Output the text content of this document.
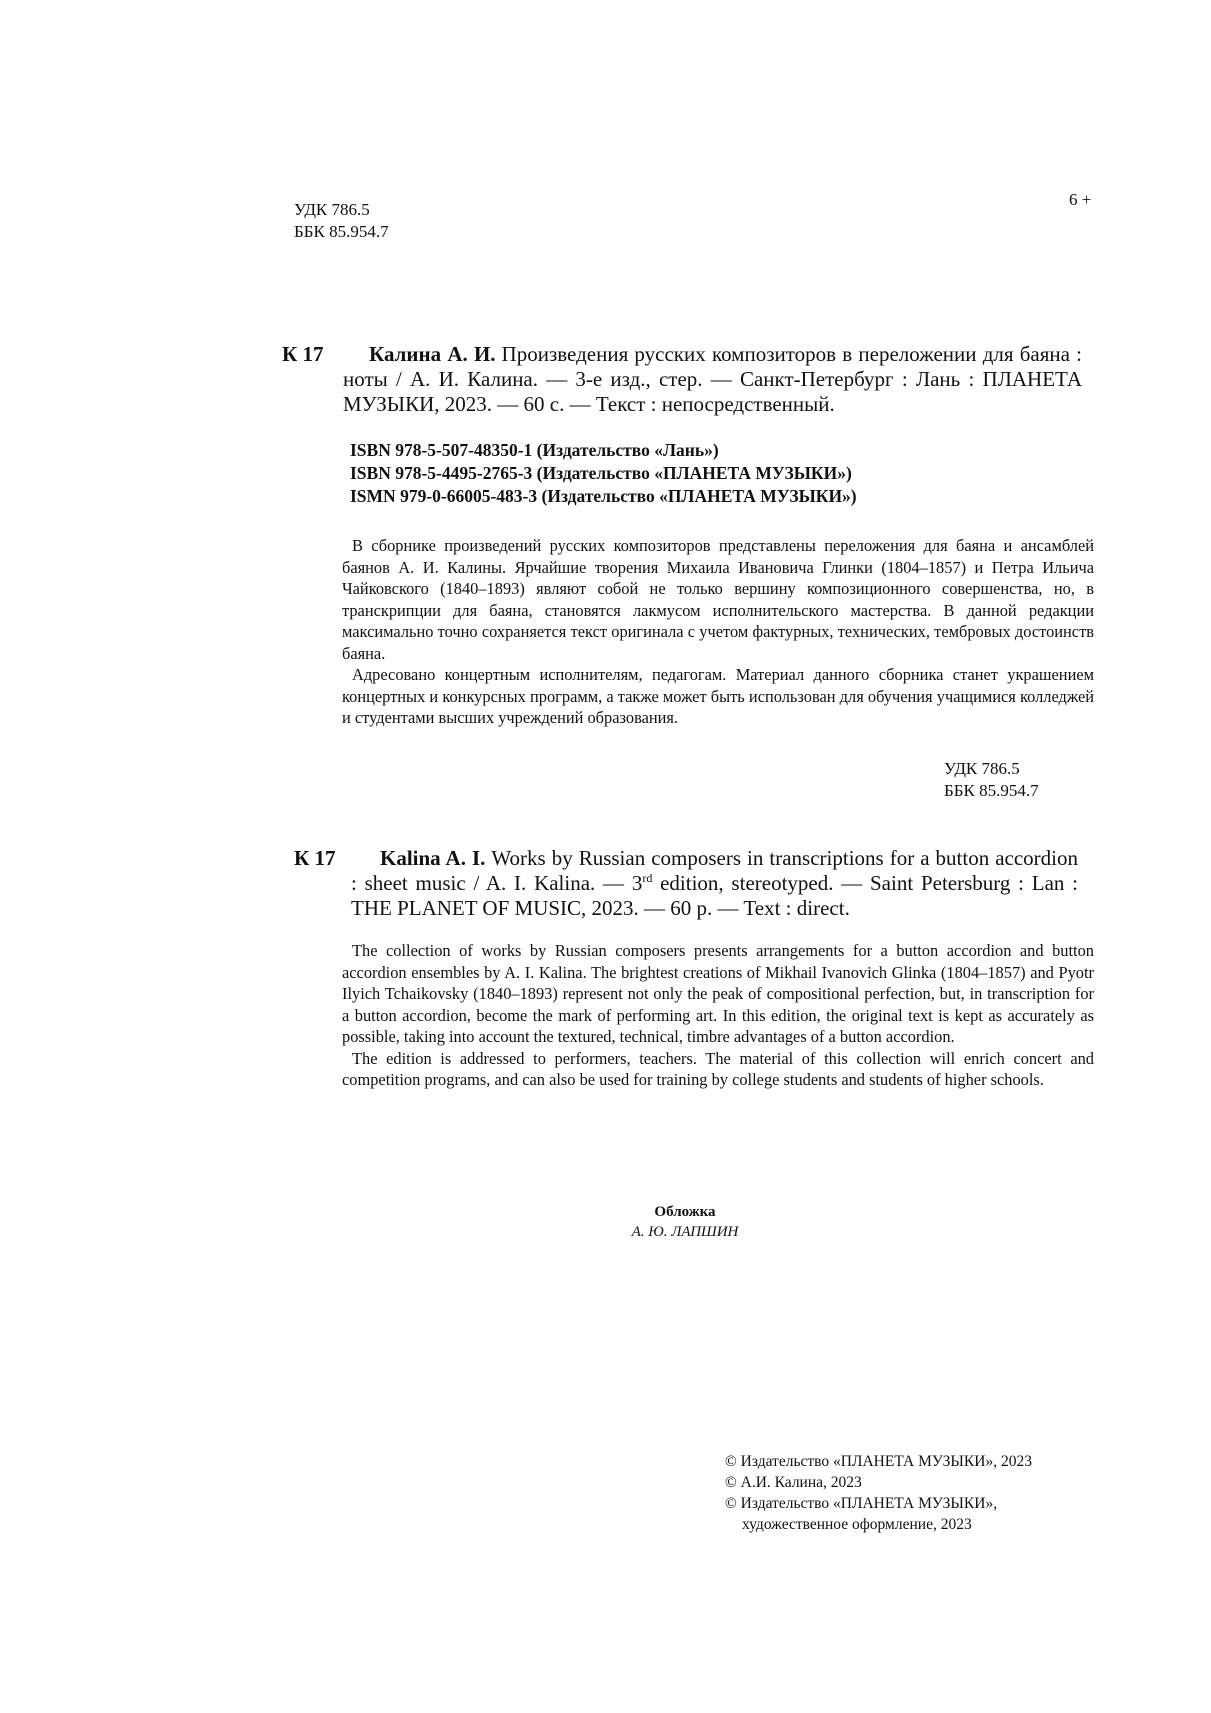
УДК 786.5
ББК 85.954.7
6 +
К 17	Калина А. И. Произведения русских композиторов в переложении для баяна : ноты / А. И. Калина. — 3-е изд., стер. — Санкт-Петербург : Лань : ПЛАНЕТА МУЗЫКИ, 2023. — 60 с. — Текст : непосредственный.
ISBN 978-5-507-48350-1 (Издательство «Лань»)
ISBN 978-5-4495-2765-3 (Издательство «ПЛАНЕТА МУЗЫКИ»)
ISMN 979-0-66005-483-3 (Издательство «ПЛАНЕТА МУЗЫКИ»)

В сборнике произведений русских композиторов представлены переложения для баяна и ансамблей баянов А. И. Калины. Ярчайшие творения Михаила Ивановича Глинки (1804–1857) и Петра Ильича Чайковского (1840–1893) являют собой не только вершину композиционного совершенства, но, в транскрипции для баяна, становятся лакмусом исполнительского мастерства. В данной редакции максимально точно сохраняется текст оригинала с учетом фактурных, технических, тембровых достоинств баяна.

Адресовано концертным исполнителям, педагогам. Материал данного сборника станет украшением концертных и конкурсных программ, а также может быть использован для обучения учащимися колледжей и студентами высших учреждений образования.

УДК 786.5
ББК 85.954.7
К 17	Kalina A. I. Works by Russian composers in transcriptions for a button accordion : sheet music / A. I. Kalina. — 3rd edition, stereotyped. — Saint Petersburg : Lan : THE PLANET OF MUSIC, 2023. — 60 p. — Text : direct.

The collection of works by Russian composers presents arrangements for a button accordion and button accordion ensembles by A. I. Kalina. The brightest creations of Mikhail Ivanovich Glinka (1804–1857) and Pyotr Ilyich Tchaikovsky (1840–1893) represent not only the peak of compositional perfection, but, in transcription for a button accordion, become the mark of performing art. In this edition, the original text is kept as accurately as possible, taking into account the textured, technical, timbre advantages of a button accordion.

The edition is addressed to performers, teachers. The material of this collection will enrich concert and competition programs, and can also be used for training by college students and students of higher schools.

Обложка
А. Ю. ЛАПШИН
© Издательство «ПЛАНЕТА МУЗЫКИ», 2023
© А.И. Калина, 2023
© Издательство «ПЛАНЕТА МУЗЫКИ»,
художественное оформление, 2023
